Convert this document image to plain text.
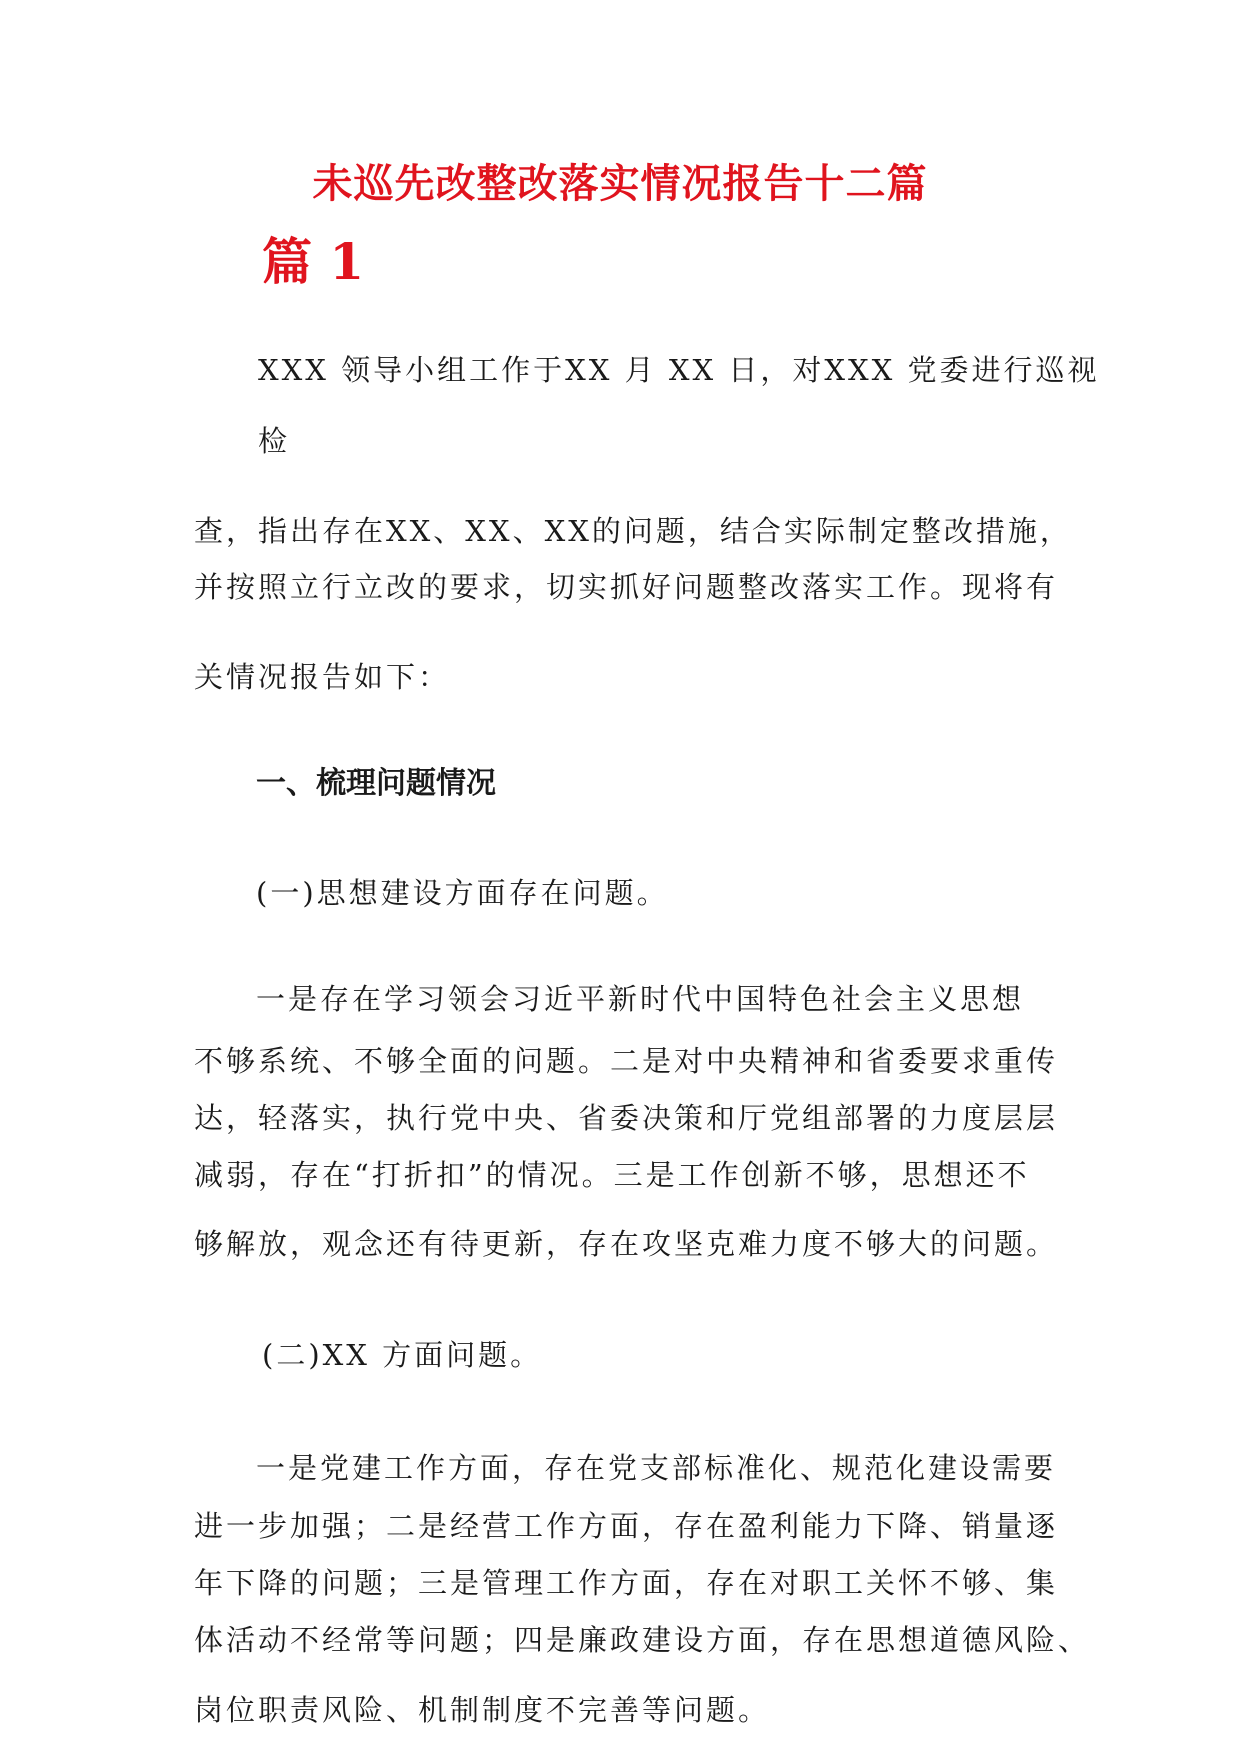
未巡先改整改落实情况报告十二篇
篇 1
XXX 领导小组工作于XX 月 XX 日，对XXX 党委进行巡视
检
查，指出存在XX、XX、XX的问题，结合实际制定整改措施，
并按照立行立改的要求，切实抓好问题整改落实工作。现将有
关情况报告如下：
一、梳理问题情况
(一)思想建设方面存在问题。
一是存在学习领会习近平新时代中国特色社会主义思想
不够系统、不够全面的问题。二是对中央精神和省委要求重传
达，轻落实，执行党中央、省委决策和厅党组部署的力度层层
减弱，存在“打折扣”的情况。三是工作创新不够，思想还不
够解放，观念还有待更新，存在攻坚克难力度不够大的问题。
(二)XX 方面问题。
一是党建工作方面，存在党支部标准化、规范化建设需要
进一步加强；二是经营工作方面，存在盈利能力下降、销量逐
年下降的问题；三是管理工作方面，存在对职工关怀不够、集
体活动不经常等问题；四是廉政建设方面，存在思想道德风险、
岗位职责风险、机制制度不完善等问题。
